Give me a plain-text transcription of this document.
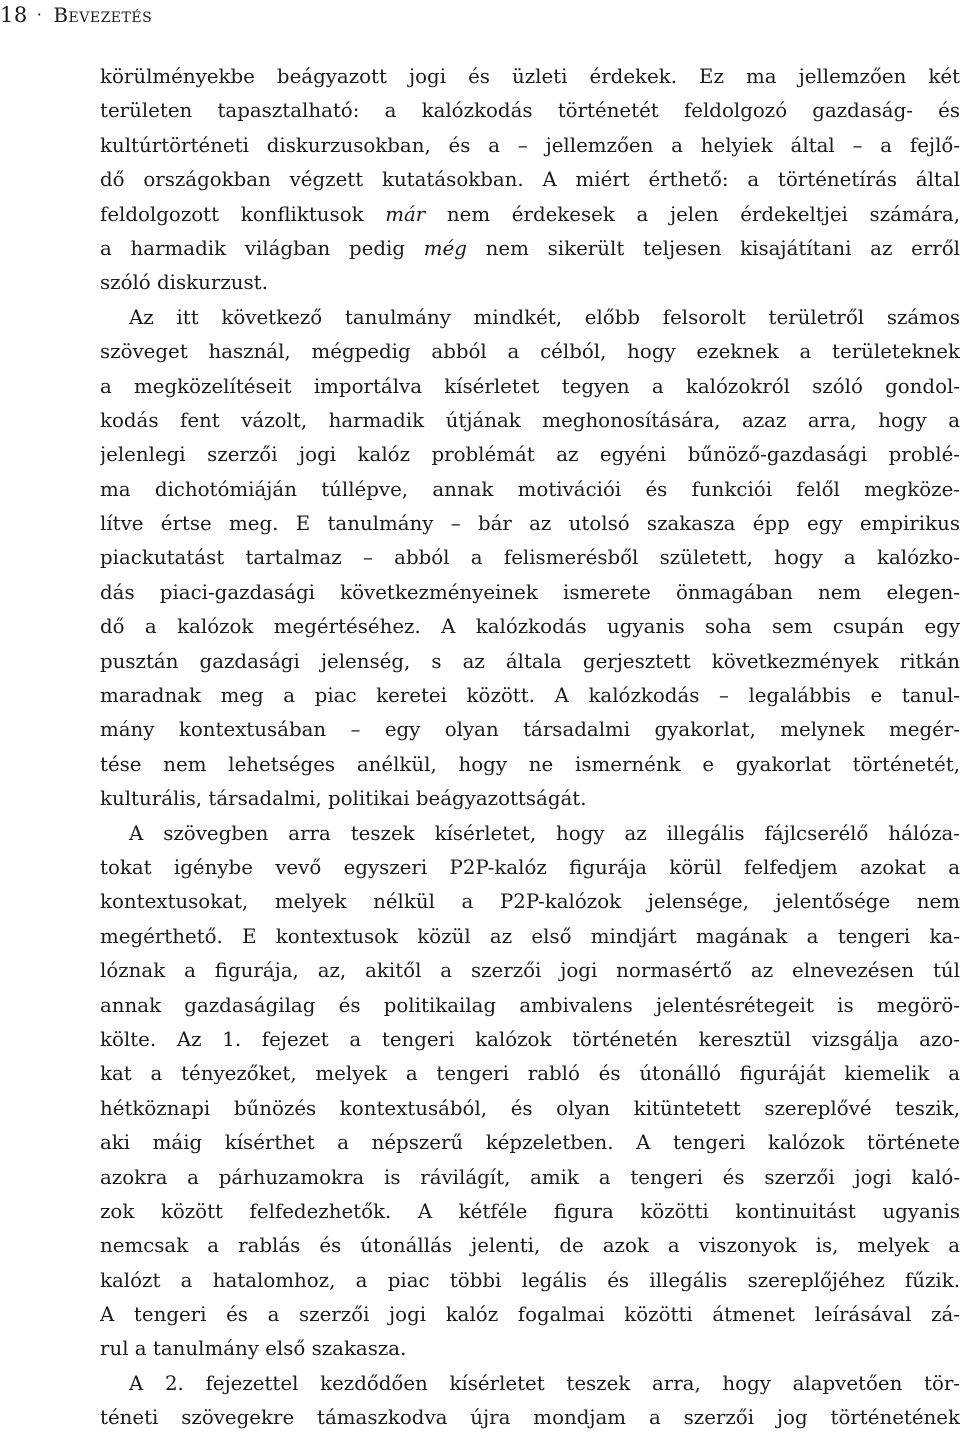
18 · Bevezetés
körülményekbe beágyazott jogi és üzleti érdekek. Ez ma jellemzően két
területen tapasztalható: a kalózkodás történetét feldolgozó gazdaság- és
kultúrtörténeti diskurzusokban, és a – jellemzően a helyiek által – a fejlő-
dő országokban végzett kutatásokban. A miért érthető: a történetírás által
feldolgozott konfliktusok már nem érdekesek a jelen érdekeltjei számára,
a harmadik világban pedig még nem sikerült teljesen kisajátítani az erről
szóló diskurzust.
Az itt következő tanulmány mindkét, előbb felsorolt területről számos
szöveget használ, mégpedig abból a célból, hogy ezeknek a területeknek
a megközelítéseit importálva kísérletet tegyen a kalózokról szóló gondol-
kodás fent vázolt, harmadik útjának meghonosítására, azaz arra, hogy a
jelenlegi szerzői jogi kalóz problémát az egyéni bűnöző-gazdasági problé-
ma dichotómiáján túllépve, annak motivációi és funkciói felől megköze-
lítve értse meg. E tanulmány – bár az utolsó szakasza épp egy empirikus
piackutatást tartalmaz – abból a felismerésből született, hogy a kalózko-
dás piaci-gazdasági következményeinek ismerete önmagában nem elegen-
dő a kalózok megértéséhez. A kalózkodás ugyanis soha sem csupán egy
pusztán gazdasági jelenség, s az általa gerjesztett következmények ritkán
maradnak meg a piac keretei között. A kalózkodás – legalábbis e tanul-
mány kontextusában – egy olyan társadalmi gyakorlat, melynek megér-
tése nem lehetséges anélkül, hogy ne ismernénk e gyakorlat történetét,
kulturális, társadalmi, politikai beágyazottságát.
A szövegben arra teszek kísérletet, hogy az illegális fájlcserélő hálóza-
tokat igénybe vevő egyszeri P2P-kalóz figurája körül felfedjem azokat a
kontextusokat, melyek nélkül a P2P-kalózok jelensége, jelentősége nem
megérthető. E kontextusok közül az első mindjárt magának a tengeri ka-
lóznak a figurája, az, akitől a szerzői jogi normasértő az elnevezésen túl
annak gazdaságilag és politikailag ambivalens jelentésrétegeit is megörö-
költe. Az 1. fejezet a tengeri kalózok történetén keresztül vizsgálja azo-
kat a tényezőket, melyek a tengeri rabló és útonálló figuráját kiemelik a
hétköznapi bűnözés kontextusából, és olyan kitüntetett szereplővé teszik,
aki máig kísérthet a népszerű képzeletben. A tengeri kalózok története
azokra a párhuzamokra is rávilágít, amik a tengeri és szerzői jogi kaló-
zok között felfedezhetők. A kétféle figura közötti kontinuitást ugyanis
nemcsak a rablás és útonállás jelenti, de azok a viszonyok is, melyek a
kalózt a hatalomhoz, a piac többi legális és illegális szereplőjéhez fűzik.
A tengeri és a szerzői jogi kalóz fogalmai közötti átmenet leírásával zá-
rul a tanulmány első szakasza.
A 2. fejezettel kezdődően kísérletet teszek arra, hogy alapvetően tör-
téneti szövegekre támaszkodva újra mondjam a szerzői jog történetének
